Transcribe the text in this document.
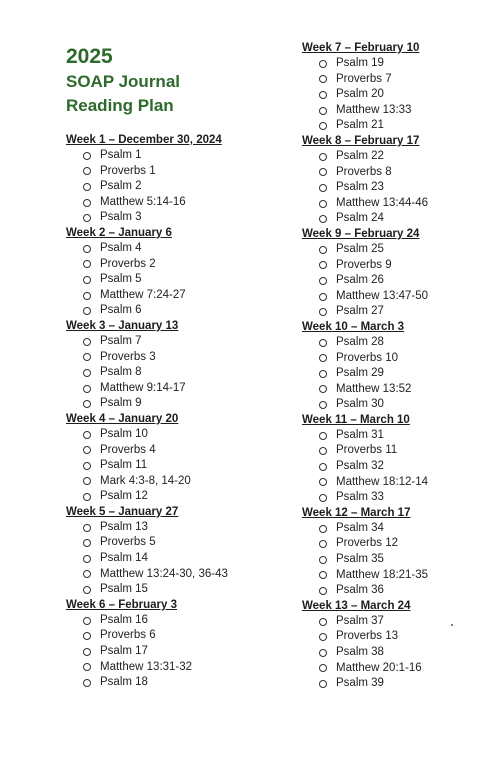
2025
SOAP Journal
Reading Plan
Week 1 – December 30, 2024
Psalm 1
Proverbs 1
Psalm 2
Matthew 5:14-16
Psalm 3
Week 2 – January 6
Psalm 4
Proverbs 2
Psalm 5
Matthew 7:24-27
Psalm 6
Week 3 – January 13
Psalm 7
Proverbs 3
Psalm 8
Matthew 9:14-17
Psalm 9
Week 4 – January 20
Psalm 10
Proverbs 4
Psalm 11
Mark 4:3-8, 14-20
Psalm 12
Week 5 – January 27
Psalm 13
Proverbs 5
Psalm 14
Matthew 13:24-30, 36-43
Psalm 15
Week 6 – February 3
Psalm 16
Proverbs 6
Psalm 17
Matthew 13:31-32
Psalm 18
Week 7 – February 10
Psalm 19
Proverbs 7
Psalm 20
Matthew 13:33
Psalm 21
Week 8 – February 17
Psalm 22
Proverbs 8
Psalm 23
Matthew 13:44-46
Psalm 24
Week 9 – February 24
Psalm 25
Proverbs 9
Psalm 26
Matthew 13:47-50
Psalm 27
Week 10 – March 3
Psalm 28
Proverbs 10
Psalm 29
Matthew 13:52
Psalm 30
Week 11 – March 10
Psalm 31
Proverbs 11
Psalm 32
Matthew 18:12-14
Psalm 33
Week 12 – March 17
Psalm 34
Proverbs 12
Psalm 35
Matthew 18:21-35
Psalm 36
Week 13 – March 24
Psalm 37
Proverbs 13
Psalm 38
Matthew 20:1-16
Psalm 39
